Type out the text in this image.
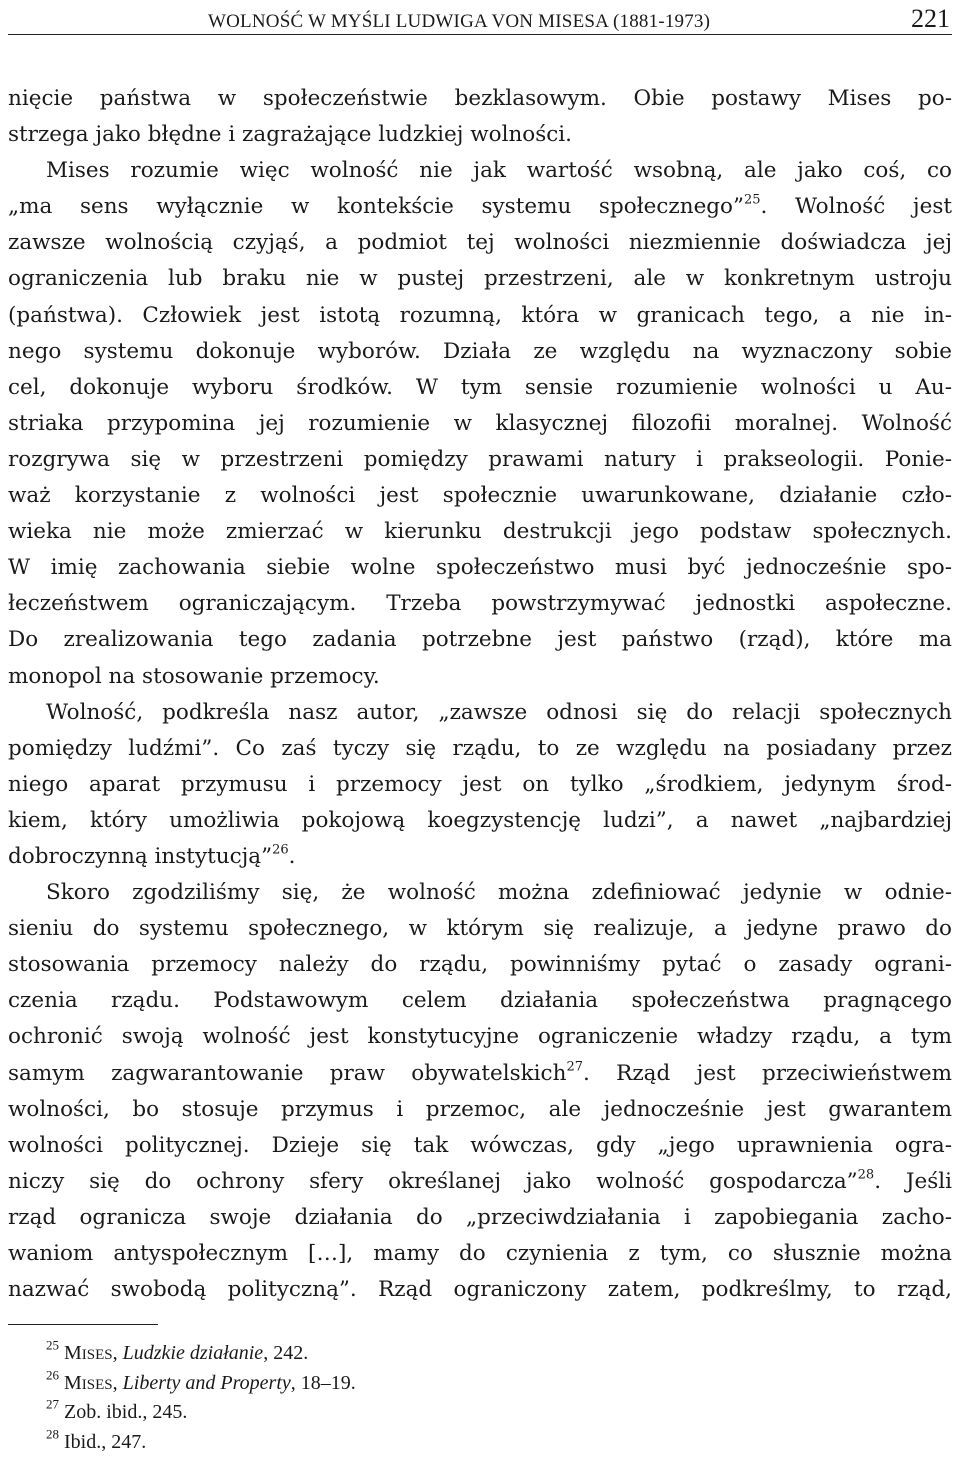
WOLNOŚĆ W MYŚLI LUDWIGA VON MISESA (1881-1973)	221
nięcie państwa w społeczeństwie bezklasowym. Obie postawy Mises po-
strzega jako błędne i zagrażające ludzkiej wolności.
Mises rozumie więc wolność nie jak wartość wsobną, ale jako coś, co
„ma sens wyłącznie w kontekście systemu społecznego”$^{25}$. Wolność jest
zawsze wolnością czyjąś, a podmiot tej wolności niezmiennie doświadcza jej
ograniczenia lub braku nie w pustej przestrzeni, ale w konkretnym ustroju
(państwa). Człowiek jest istotą rozumną, która w granicach tego, a nie in-
nego systemu dokonuje wyborów. Działa ze względu na wyznaczony sobie
cel, dokonuje wyboru środków. W tym sensie rozumienie wolności u Au-
striaka przypomina jej rozumienie w klasycznej filozofii moralnej. Wolność
rozgrywa się w przestrzeni pomiędzy prawami natury i prakseologii. Ponie-
waż korzystanie z wolności jest społecznie uwarunkowane, działanie czło-
wieka nie może zmierzać w kierunku destrukcji jego podstaw społecznych.
W imię zachowania siebie wolne społeczeństwo musi być jednocześnie spo-
łeczeństwem ograniczającym. Trzeba powstrzymywać jednostki aspołeczne.
Do zrealizowania tego zadania potrzebne jest państwo (rząd), które ma
monopol na stosowanie przemocy.
Wolność, podkreśla nasz autor, „zawsze odnosi się do relacji społecznych
pomiędzy ludźmi”. Co zaś tyczy się rządu, to ze względu na posiadany przez
niego aparat przymusu i przemocy jest on tylko „środkiem, jedynym środ-
kiem, który umożliwia pokojową koegzystencję ludzi”, a nawet „najbardziej
dobroczynną instytucją”$^{26}$.
Skoro zgodziliśmy się, że wolność można zdefiniować jedynie w odnie-
sieniu do systemu społecznego, w którym się realizuje, a jedyne prawo do
stosowania przemocy należy do rządu, powinniśmy pytać o zasady ograni-
czenia rządu. Podstawowym celem działania społeczeństwa pragnącego
ochronić swoją wolność jest konstytucyjne ograniczenie władzy rządu, a tym
samym zagwarantowanie praw obywatelskich$^{27}$. Rząd jest przeciwieństwem
wolności, bo stosuje przymus i przemoc, ale jednocześnie jest gwarantem
wolności politycznej. Dzieje się tak wówczas, gdy „jego uprawnienia ogra-
niczy się do ochrony sfery określanej jako wolność gospodarcza”$^{28}$. Jeśli
rząd ogranicza swoje działania do „przeciwdziałania i zapobiegania zacho-
waniom antyspołecznym […], mamy do czynienia z tym, co słusznie można
nazwać swobodą polityczną”. Rząd ograniczony zatem, podkreślmy, to rząd,
$^{25}$ MISES, Ludzkie działanie, 242.
$^{26}$ MISES, Liberty and Property, 18–19.
$^{27}$ Zob. ibid., 245.
$^{28}$ Ibid., 247.
